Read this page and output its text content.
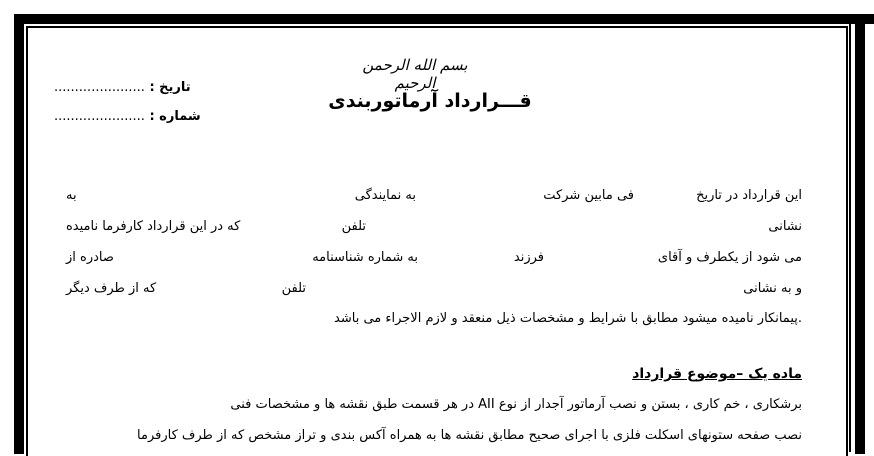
تاریخ : ......................
شماره : ......................
بسم الله الرحمن الرحیم
قـــرارداد آرماتوربندی
این قرارداد در تاریخ
فی مابین شرکت
به نمایندگی
به
نشانی
تلفن
که در این قرارداد کارفرما نامیده
می شود از یکطرف و آقای
فرزند
به شماره شناسنامه
صادره از
و به نشانی
تلفن
که از طرف دیگر
پیمانکار نامیده میشود مطابق با شرایط و مشخصات ذیل منعقد و لازم الاجراء می باشد.
ماده یک –موضوع قرارداد
در هر قسمت طبق نقشه ها و مشخصات فنی AII برشکاری ، خم کاری ، بستن و نصب آرماتور آجدار از نوع
نصب صفحه ستونهای اسکلت فلزی با اجرای صحیح مطابق نقشه ها به همراه آکس بندی و تراز مشخص که از طرف کارفرما
